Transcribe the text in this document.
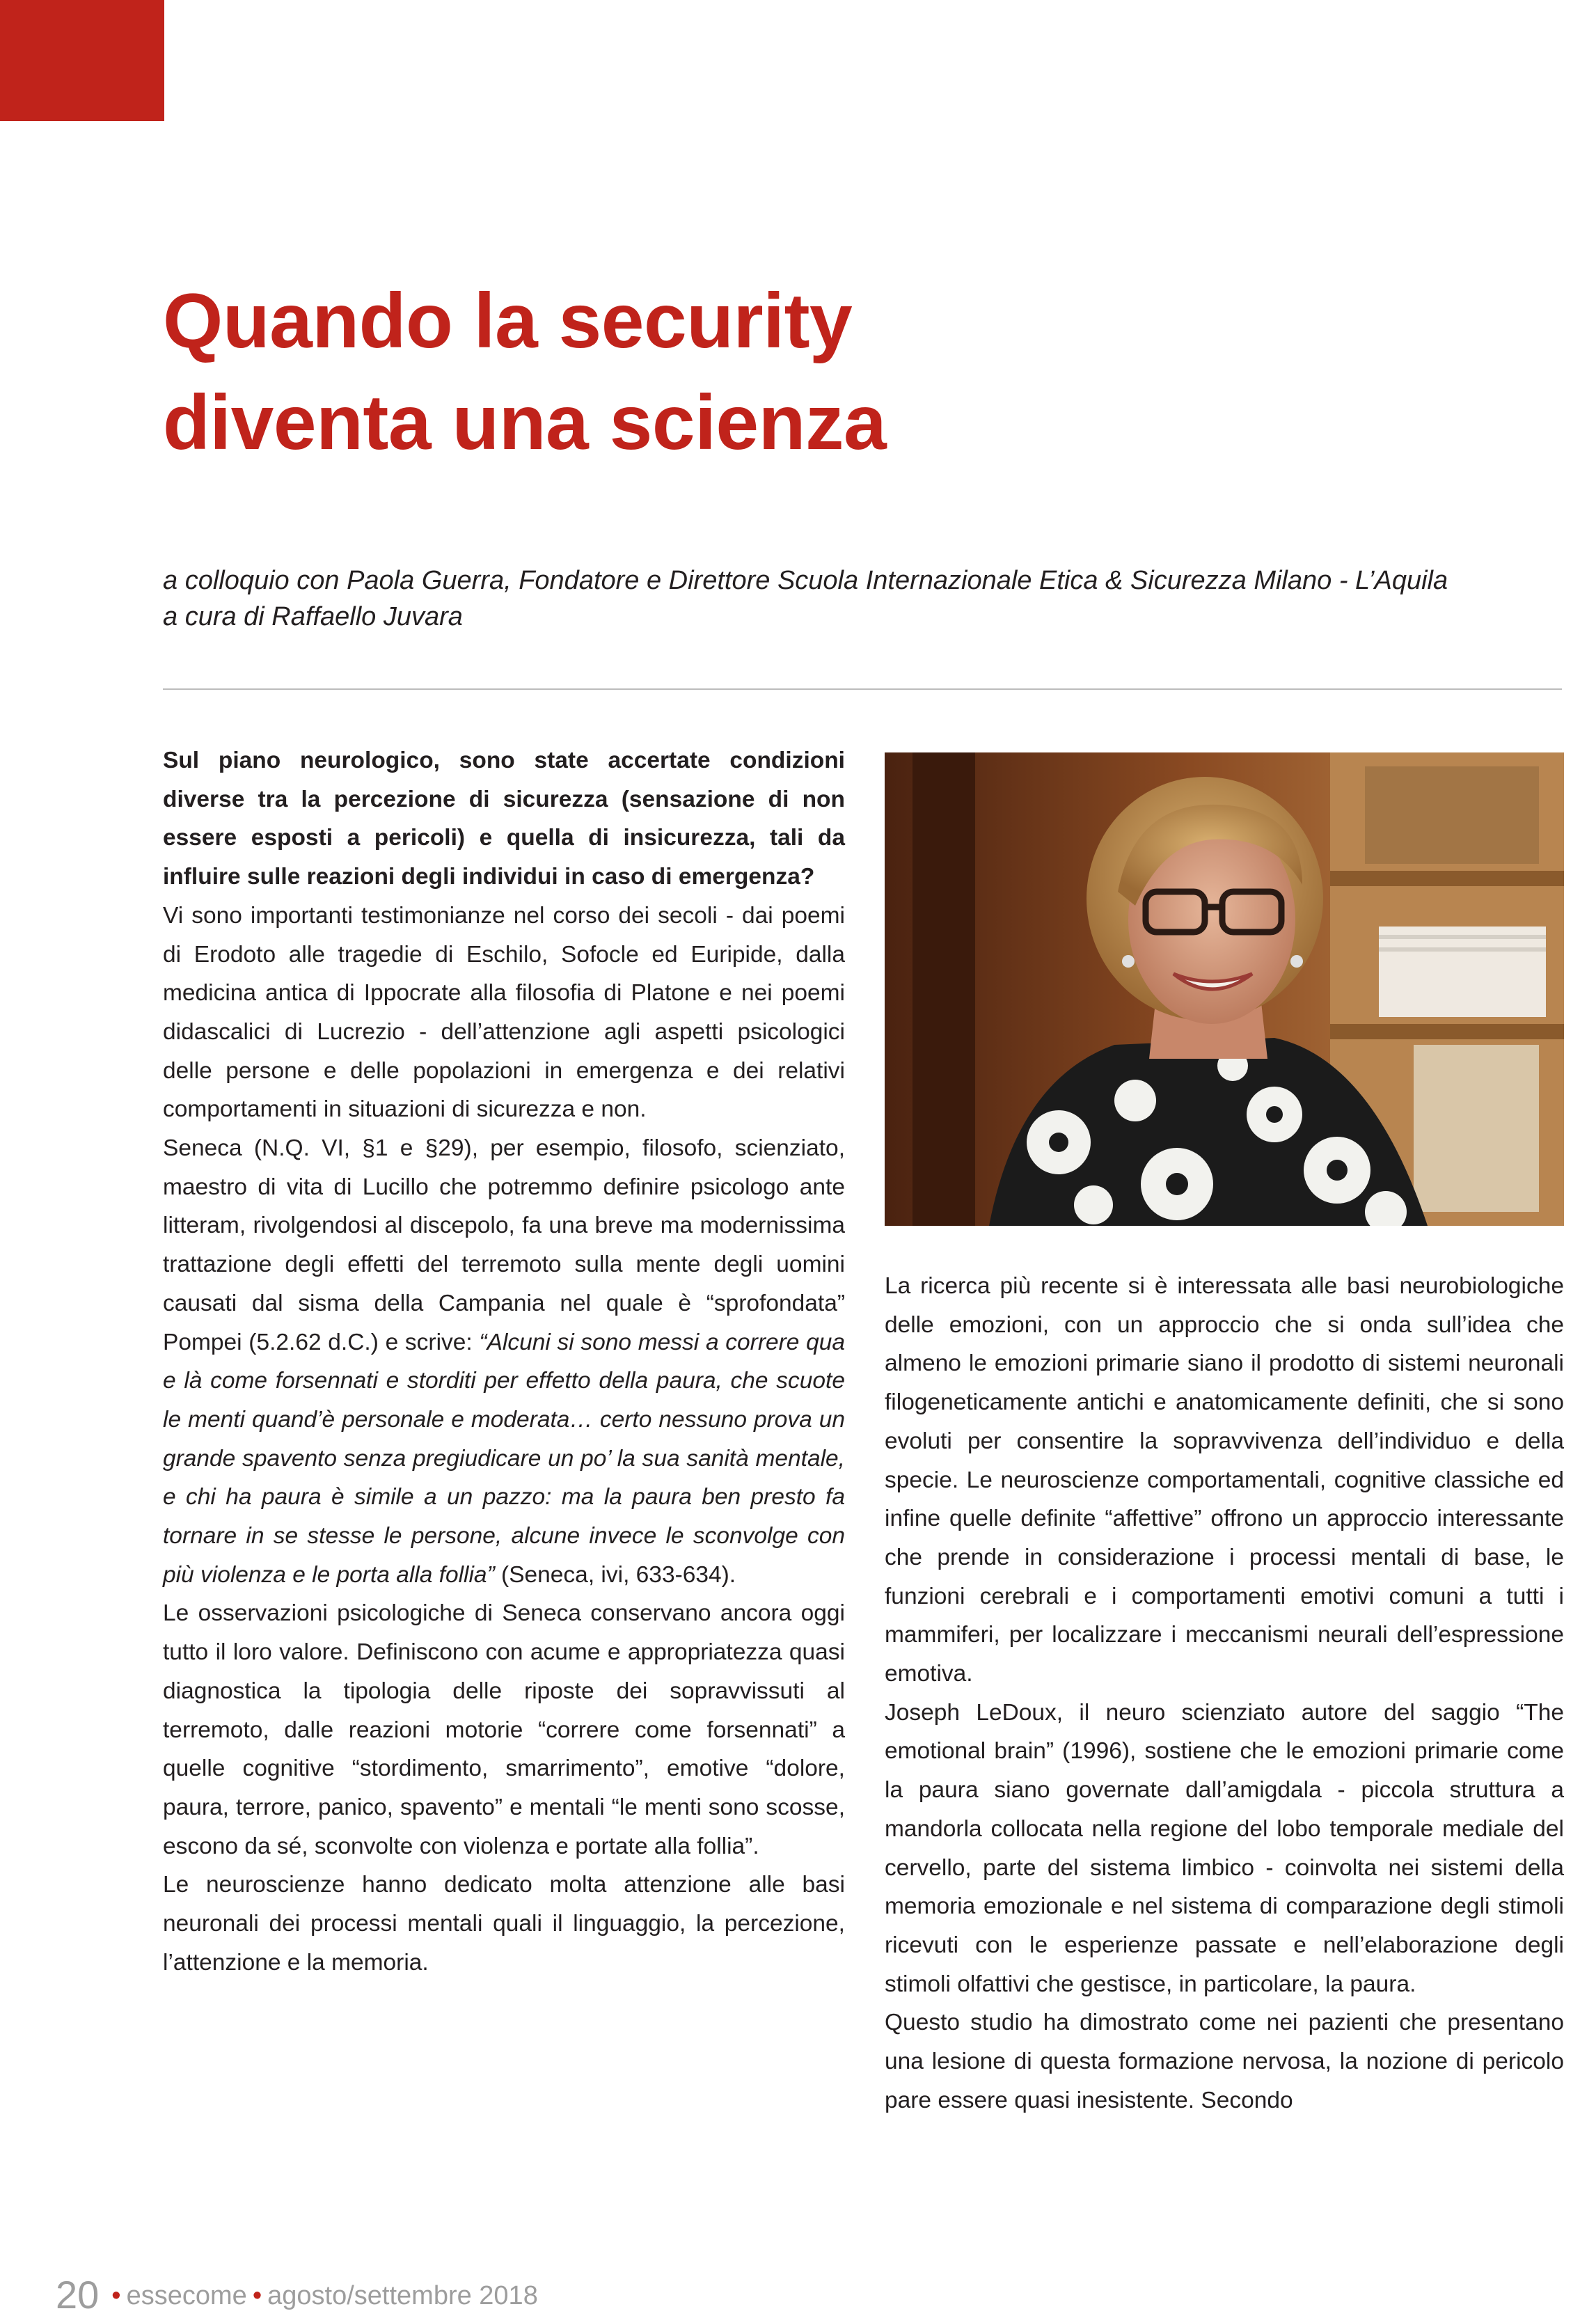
Quando la security
diventa una scienza
a colloquio con Paola Guerra, Fondatore e Direttore Scuola Internazionale Etica & Sicurezza Milano - L’Aquila
a cura di Raffaello Juvara

Sul piano neurologico, sono state accertate condizioni diverse tra la percezione di sicurezza (sensazione di non essere esposti a pericoli) e quella di insicurezza, tali da influire sulle reazioni degli individui in caso di emergenza?

Vi sono importanti testimonianze nel corso dei secoli - dai poemi di Erodoto alle tragedie di Eschilo, Sofocle ed Euripide, dalla medicina antica di Ippocrate alla filosofia di Platone e nei poemi didascalici di Lucrezio - dell’attenzione agli aspetti psicologici delle persone e delle popolazioni in emergenza e dei relativi comportamenti in situazioni di sicurezza e non.

Seneca (N.Q. VI, §1 e §29), per esempio, filosofo, scienziato, maestro di vita di Lucillo che potremmo definire psicologo ante litteram, rivolgendosi al discepolo, fa una breve ma modernissima trattazione degli effetti del terremoto sulla mente degli uomini causati dal sisma della Campania nel quale è “sprofondata” Pompei (5.2.62 d.C.) e scrive: “Alcuni si sono messi a correre qua e là come forsennati e storditi per effetto della paura, che scuote le menti quand’è personale e moderata… certo nessuno prova un grande spavento senza pregiudicare un po’ la sua sanità mentale, e chi ha paura è simile a un pazzo: ma la paura ben presto fa tornare in se stesse le persone, alcune invece le sconvolge con più violenza e le porta alla follia” (Seneca, ivi, 633-634).

Le osservazioni psicologiche di Seneca conservano ancora oggi tutto il loro valore. Definiscono con acume e appropriatezza quasi diagnostica la tipologia delle riposte dei sopravvissuti al terremoto, dalle reazioni motorie “correre come forsennati” a quelle cognitive “stordimento, smarrimento”, emotive “dolore, paura, terrore, panico, spavento” e mentali “le menti sono scosse, escono da sé, sconvolte con violenza e portate alla follia”.

Le neuroscienze hanno dedicato molta attenzione alle basi neuronali dei processi mentali quali il linguaggio, la percezione, l’attenzione e la memoria.

La ricerca più recente si è interessata alle basi neurobiologiche delle emozioni, con un approccio che si onda sull’idea che almeno le emozioni primarie siano il prodotto di sistemi neuronali filogeneticamente antichi e anatomicamente definiti, che si sono evoluti per consentire la sopravvivenza dell’individuo e della specie. Le neuroscienze comportamentali, cognitive classiche ed infine quelle definite “affettive” offrono un approccio interessante che prende in considerazione i processi mentali di base, le funzioni cerebrali e i comportamenti emotivi comuni a tutti i mammiferi, per localizzare i meccanismi neurali dell’espressione emotiva.

Joseph LeDoux, il neuro scienziato autore del saggio “The emotional brain” (1996), sostiene che le emozioni primarie come la paura siano governate dall’amigdala - piccola struttura a mandorla collocata nella regione del lobo temporale mediale del cervello, parte del sistema limbico - coinvolta nei sistemi della memoria emozionale e nel sistema di comparazione degli stimoli ricevuti con le esperienze passate e nell’elaborazione degli stimoli olfattivi che gestisce, in particolare, la paura.

Questo studio ha dimostrato come nei pazienti che presentano una lesione di questa formazione nervosa, la nozione di pericolo pare essere quasi inesistente. Secondo

20 • essecome • agosto/settembre 2018
